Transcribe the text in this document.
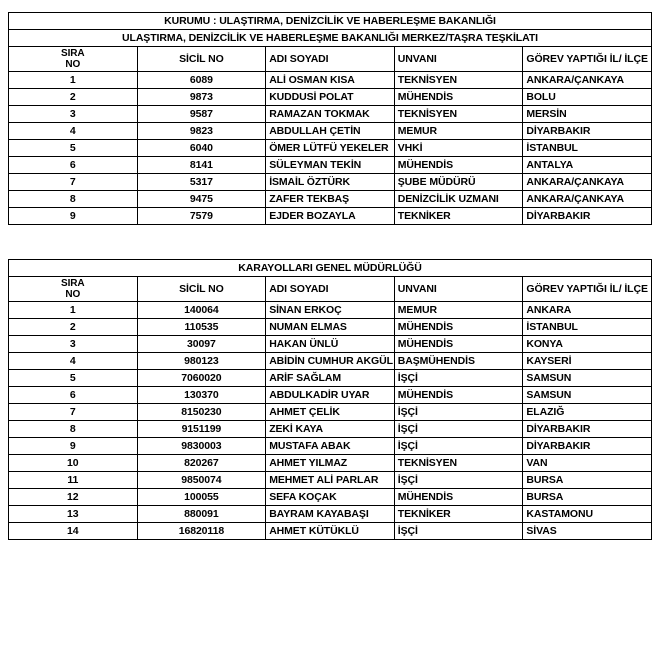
KURUMU : ULAŞTIRMA, DENİZCİLİK VE HABERLEŞME BAKANLIĞI				
ULAŞTIRMA, DENİZCİLİK VE HABERLEŞME BAKANLIĞI MERKEZ/TAŞRA TEŞKİLATI				

SIRA
NO	SİCİL NO	ADI SOYADI	UNVANI	GÖREV YAPTIĞI İL/ İLÇE
1	6089	ALİ OSMAN KISA	TEKNİSYEN	ANKARA/ÇANKAYA
2	9873	KUDDUSİ POLAT	MÜHENDİS	BOLU
3	9587	RAMAZAN TOKMAK	TEKNİSYEN	MERSİN
4	9823	ABDULLAH ÇETİN	MEMUR	DİYARBAKIR
5	6040	ÖMER LÜTFÜ YEKELER	VHKİ	İSTANBUL
6	8141	SÜLEYMAN TEKİN	MÜHENDİS	ANTALYA
7	5317	İSMAİL ÖZTÜRK	ŞUBE MÜDÜRÜ	ANKARA/ÇANKAYA
8	9475	ZAFER TEKBAŞ	DENİZCİLİK UZMANI	ANKARA/ÇANKAYA
9	7579	EJDER BOZAYLA	TEKNİKER	DİYARBAKIR
KARAYOLLARI GENEL MÜDÜRLÜĞÜ				

SIRA
NO	SİCİL NO	ADI SOYADI	UNVANI	GÖREV YAPTIĞI İL/ İLÇE
1	140064	SİNAN ERKOÇ	MEMUR	ANKARA
2	110535	NUMAN ELMAS	MÜHENDİS	İSTANBUL
3	30097	HAKAN ÜNLÜ	MÜHENDİS	KONYA
4	980123	ABİDİN CUMHUR AKGÜL	BAŞMÜHENDİS	KAYSERİ
5	7060020	ARİF SAĞLAM	İŞÇİ	SAMSUN
6	130370	ABDULKADİR UYAR	MÜHENDİS	SAMSUN
7	8150230	AHMET ÇELİK	İŞÇİ	ELAZIĞ
8	9151199	ZEKİ KAYA	İŞÇİ	DİYARBAKIR
9	9830003	MUSTAFA ABAK	İŞÇİ	DİYARBAKIR
10	820267	AHMET YILMAZ	TEKNİSYEN	VAN
11	9850074	MEHMET ALİ PARLAR	İŞÇİ	BURSA
12	100055	SEFA KOÇAK	MÜHENDİS	BURSA
13	880091	BAYRAM KAYABAŞI	TEKNİKER	KASTAMONU
14	16820118	AHMET KÜTÜKLÜ	İŞÇİ	SİVAS
